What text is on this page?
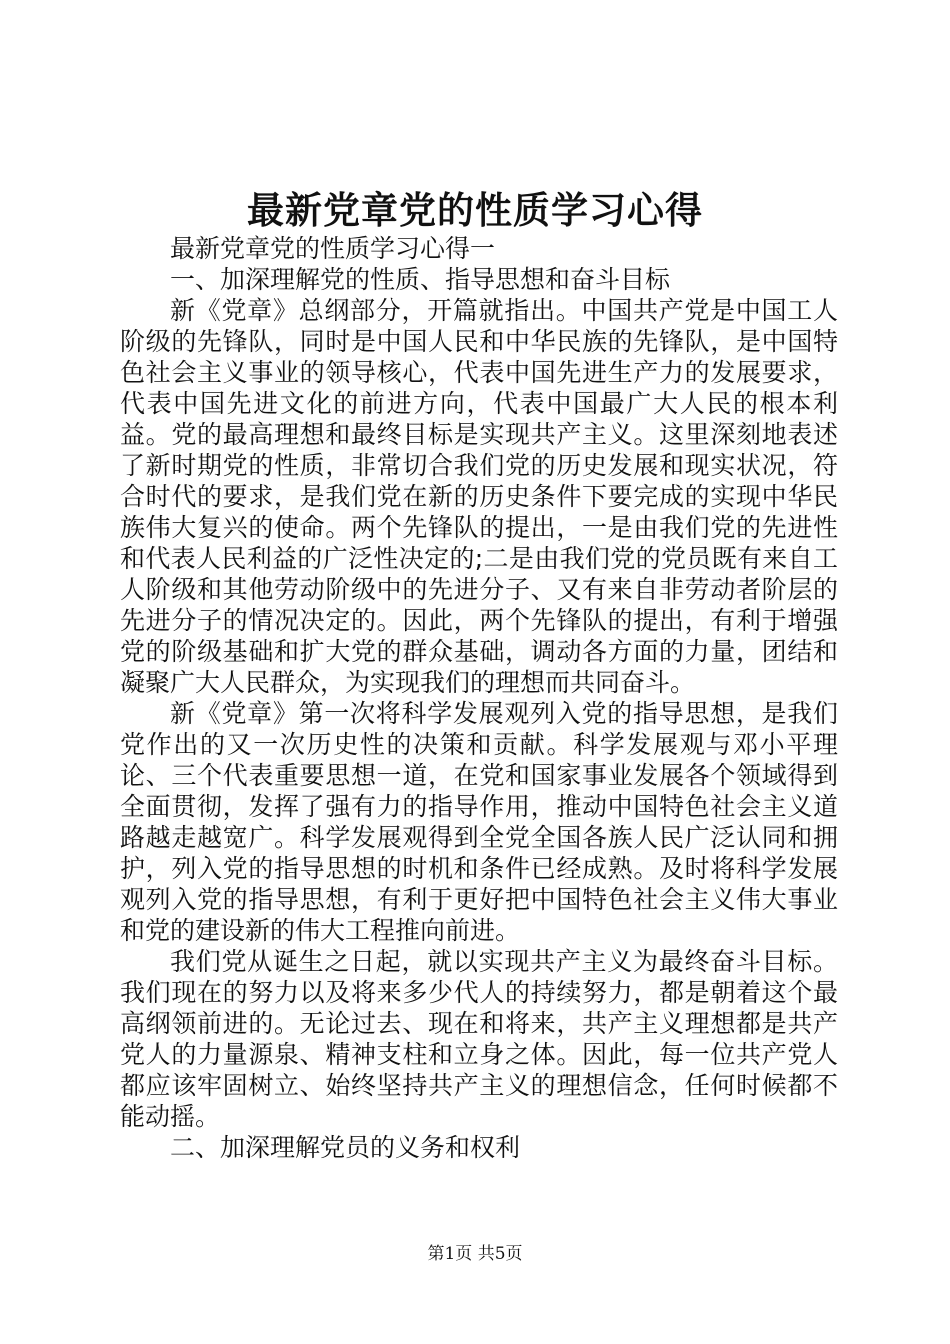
最新党章党的性质学习心得

最新党章党的性质学习心得一

一、加深理解党的性质、指导思想和奋斗目标

新《党章》总纲部分，开篇就指出。中国共产党是中国工人阶级的先锋队，同时是中国人民和中华民族的先锋队，是中国特色社会主义事业的领导核心，代表中国先进生产力的发展要求，代表中国先进文化的前进方向，代表中国最广大人民的根本利益。党的最高理想和最终目标是实现共产主义。这里深刻地表述了新时期党的性质，非常切合我们党的历史发展和现实状况，符合时代的要求，是我们党在新的历史条件下要完成的实现中华民族伟大复兴的使命。两个先锋队的提出，一是由我们党的先进性和代表人民利益的广泛性决定的;二是由我们党的党员既有来自工人阶级和其他劳动阶级中的先进分子、又有来自非劳动者阶层的先进分子的情况决定的。因此，两个先锋队的提出，有利于增强党的阶级基础和扩大党的群众基础，调动各方面的力量，团结和凝聚广大人民群众，为实现我们的理想而共同奋斗。

新《党章》第一次将科学发展观列入党的指导思想，是我们党作出的又一次历史性的决策和贡献。科学发展观与邓小平理论、三个代表重要思想一道，在党和国家事业发展各个领域得到全面贯彻，发挥了强有力的指导作用，推动中国特色社会主义道路越走越宽广。科学发展观得到全党全国各族人民广泛认同和拥护，列入党的指导思想的时机和条件已经成熟。及时将科学发展观列入党的指导思想，有利于更好把中国特色社会主义伟大事业和党的建设新的伟大工程推向前进。

我们党从诞生之日起，就以实现共产主义为最终奋斗目标。我们现在的努力以及将来多少代人的持续努力，都是朝着这个最高纲领前进的。无论过去、现在和将来，共产主义理想都是共产党人的力量源泉、精神支柱和立身之体。因此，每一位共产党人都应该牢固树立、始终坚持共产主义的理想信念，任何时候都不能动摇。

二、加深理解党员的义务和权利

第1页 共5页
